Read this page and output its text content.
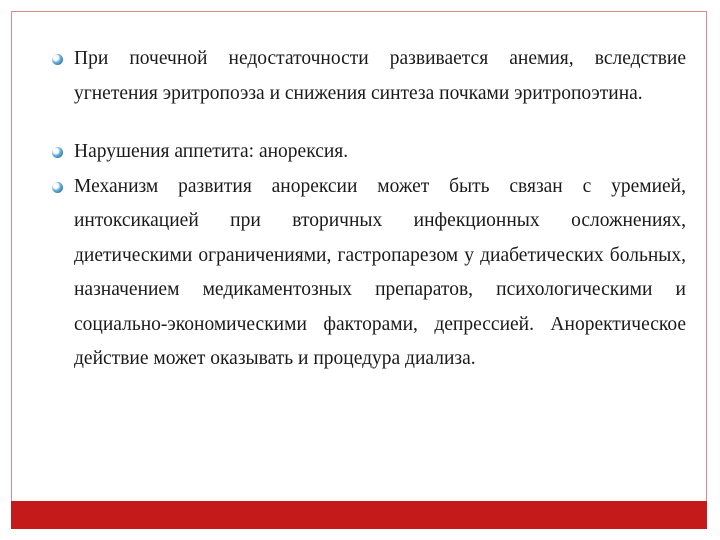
При почечной недостаточности развивается анемия, вследствие угнетения эритропоэза и снижения синтеза почками эритропоэтина.
Нарушения аппетита: анорексия.
Механизм развития анорексии может быть связан с уремией, интоксикацией при вторичных инфекционных осложнениях, диетическими ограничениями, гастропарезом у диабетических больных, назначением медикаментозных препаратов, психологическими и социально-экономическими факторами, депрессией. Аноректическое действие может оказывать и процедура диализа.
